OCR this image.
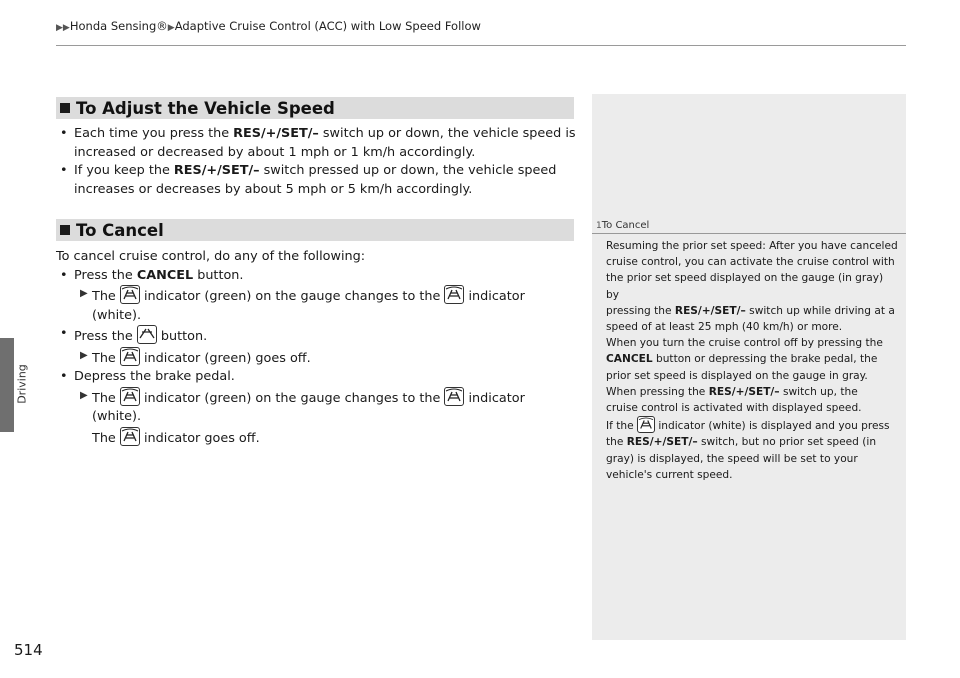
▶▶Honda Sensing®▶Adaptive Cruise Control (ACC) with Low Speed Follow
Driving
514
To Adjust the Vehicle Speed
• Each time you press the RES/+/SET/– switch up or down, the vehicle speed is
increased or decreased by about 1 mph or 1 km/h accordingly.
• If you keep the RES/+/SET/– switch pressed up or down, the vehicle speed
increases or decreases by about 5 mph or 5 km/h accordingly.
To Cancel
To cancel cruise control, do any of the following:
• Press the CANCEL button.
▶ The indicator (green) on the gauge changes to the indicator (white).
• Press the button.
▶ The indicator (green) goes off.
• Depress the brake pedal.
▶ The indicator (green) on the gauge changes to the indicator (white).
The indicator goes off.
1To Cancel

Resuming the prior set speed: After you have canceled

cruise control, you can activate the cruise control with

the prior set speed displayed on the gauge (in gray) by

pressing the RES/+/SET/– switch up while driving at a

speed of at least 25 mph (40 km/h) or more.

When you turn the cruise control off by pressing the

CANCEL button or depressing the brake pedal, the

prior set speed is displayed on the gauge in gray.

When pressing the RES/+/SET/– switch up, the

cruise control is activated with displayed speed.

If the indicator (white) is displayed and you press

the RES/+/SET/– switch, but no prior set speed (in

gray) is displayed, the speed will be set to your

vehicle's current speed.
